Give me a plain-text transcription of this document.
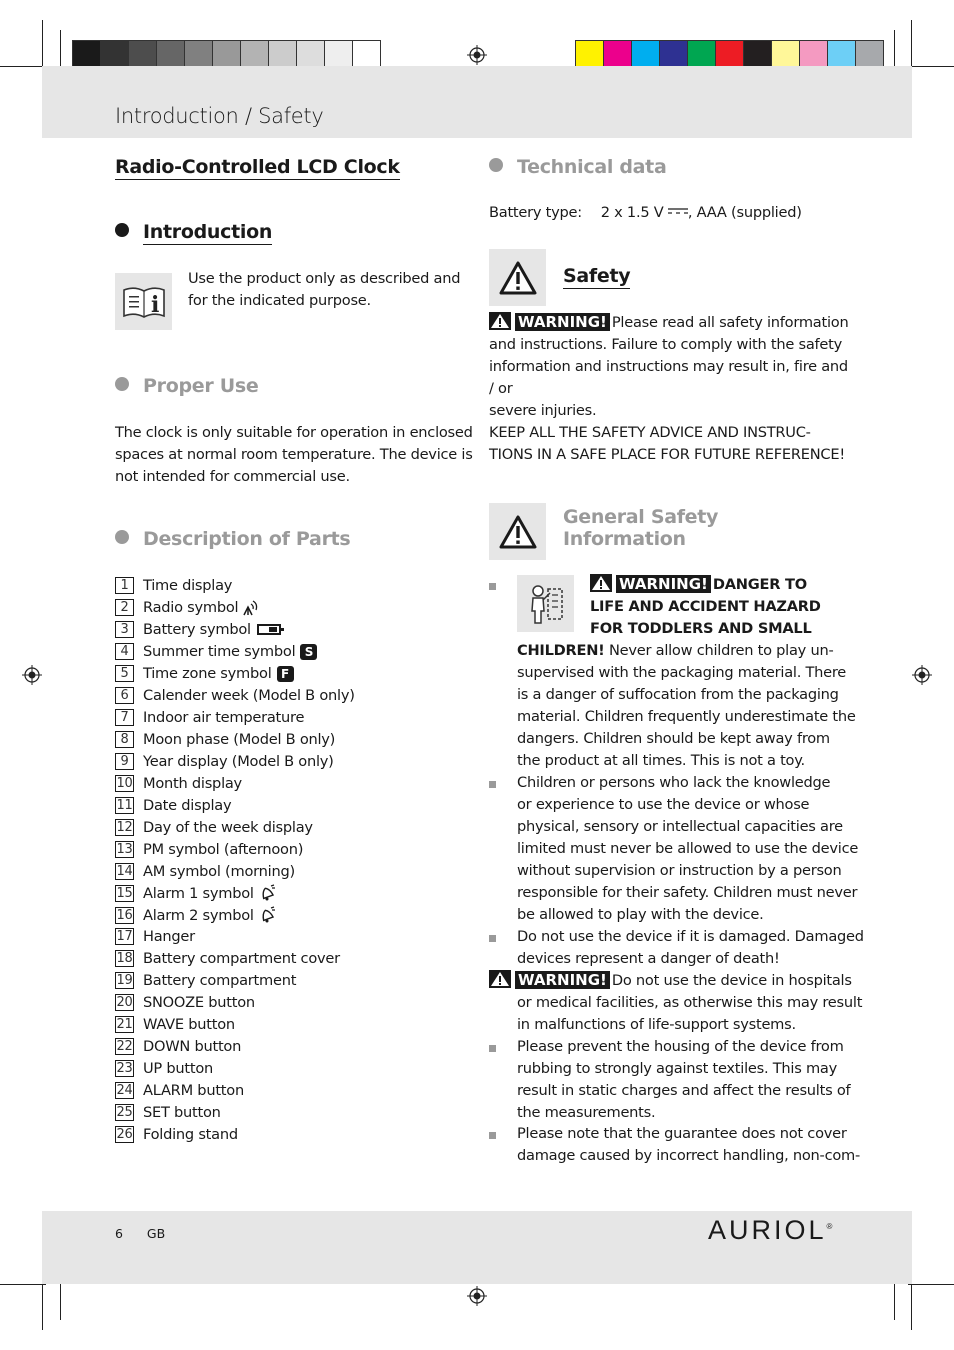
Introduction / Safety
Radio-Controlled LCD Clock
Introduction
i
Use the product only as described and
for the indicated purpose.
Proper Use
The clock is only suitable for operation in enclosed
spaces at normal room temperature. The device is
not intended for commercial use.
Description of Parts
1 Time display
2 Radio symbol
3 Battery symbol
4 Summer time symbol S
5 Time zone symbol F
6 Calender week (Model B only)
7 Indoor air temperature
8 Moon phase (Model B only)
9 Year display (Model B only)
10 Month display
11 Date display
12 Day of the week display
13 PM symbol (afternoon)
14 AM symbol (morning)
15 Alarm 1 symbol
16 Alarm 2 symbol
17 Hanger
18 Battery compartment cover
19 Battery compartment
20 SNOOZE button
21 WAVE button
22 DOWN button
23 UP button
24 ALARM button
25 SET button
26 Folding stand
Technical data
Battery type: 2 x 1.5 V , AAA (supplied)
Safety
WARNING! Please read all safety information
and instructions. Failure to comply with the safety
information and instructions may result in, fire and / or
severe injuries.
KEEP ALL THE SAFETY ADVICE AND INSTRUC-
TIONS IN A SAFE PLACE FOR FUTURE REFERENCE!
General Safety
Information
WARNING! DANGER TO
LIFE AND ACCIDENT HAZARD
FOR TODDLERS AND SMALL
CHILDREN! Never allow children to play un-
supervised with the packaging material. There
is a danger of suffocation from the packaging
material. Children frequently underestimate the
dangers. Children should be kept away from
the product at all times. This is not a toy.
Children or persons who lack the knowledge
or experience to use the device or whose
physical, sensory or intellectual capacities are
limited must never be allowed to use the device
without supervision or instruction by a person
responsible for their safety. Children must never
be allowed to play with the device.
Do not use the device if it is damaged. Damaged
devices represent a danger of death!
WARNING! Do not use the device in hospitals
or medical facilities, as otherwise this may result
in malfunctions of life-support systems.
Please prevent the housing of the device from
rubbing to strongly against textiles. This may
result in static charges and affect the results of
the measurements.
Please note that the guarantee does not cover
damage caused by incorrect handling, non-com-
6 GB	AURIOL®
